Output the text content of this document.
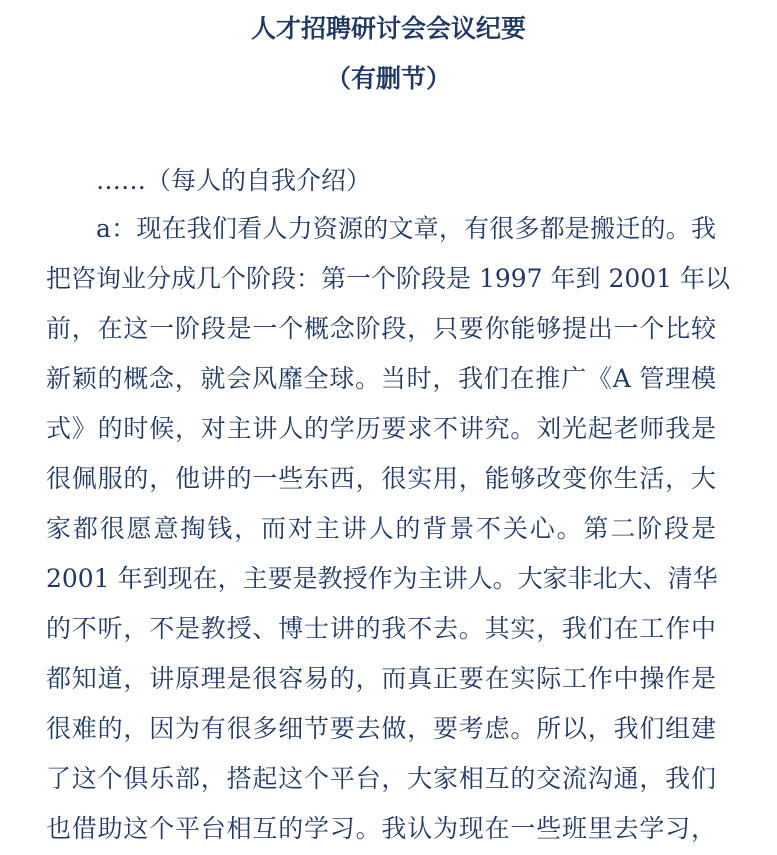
人才招聘研讨会会议纪要
（有删节）

……（每人的自我介绍）

a：现在我们看人力资源的文章，有很多都是搬迁的。我

把咨询业分成几个阶段：第一个阶段是 1997 年到 2001 年以

前，在这一阶段是一个概念阶段，只要你能够提出一个比较

新颖的概念，就会风靡全球。当时，我们在推广《A 管理模

式》的时候，对主讲人的学历要求不讲究。刘光起老师我是

很佩服的，他讲的一些东西，很实用，能够改变你生活，大

家都很愿意掏钱，而对主讲人的背景不关心。第二阶段是

2001 年到现在，主要是教授作为主讲人。大家非北大、清华

的不听，不是教授、博士讲的我不去。其实，我们在工作中

都知道，讲原理是很容易的，而真正要在实际工作中操作是

很难的，因为有很多细节要去做，要考虑。所以，我们组建

了这个俱乐部，搭起这个平台，大家相互的交流沟通，我们

也借助这个平台相互的学习。我认为现在一些班里去学习，
